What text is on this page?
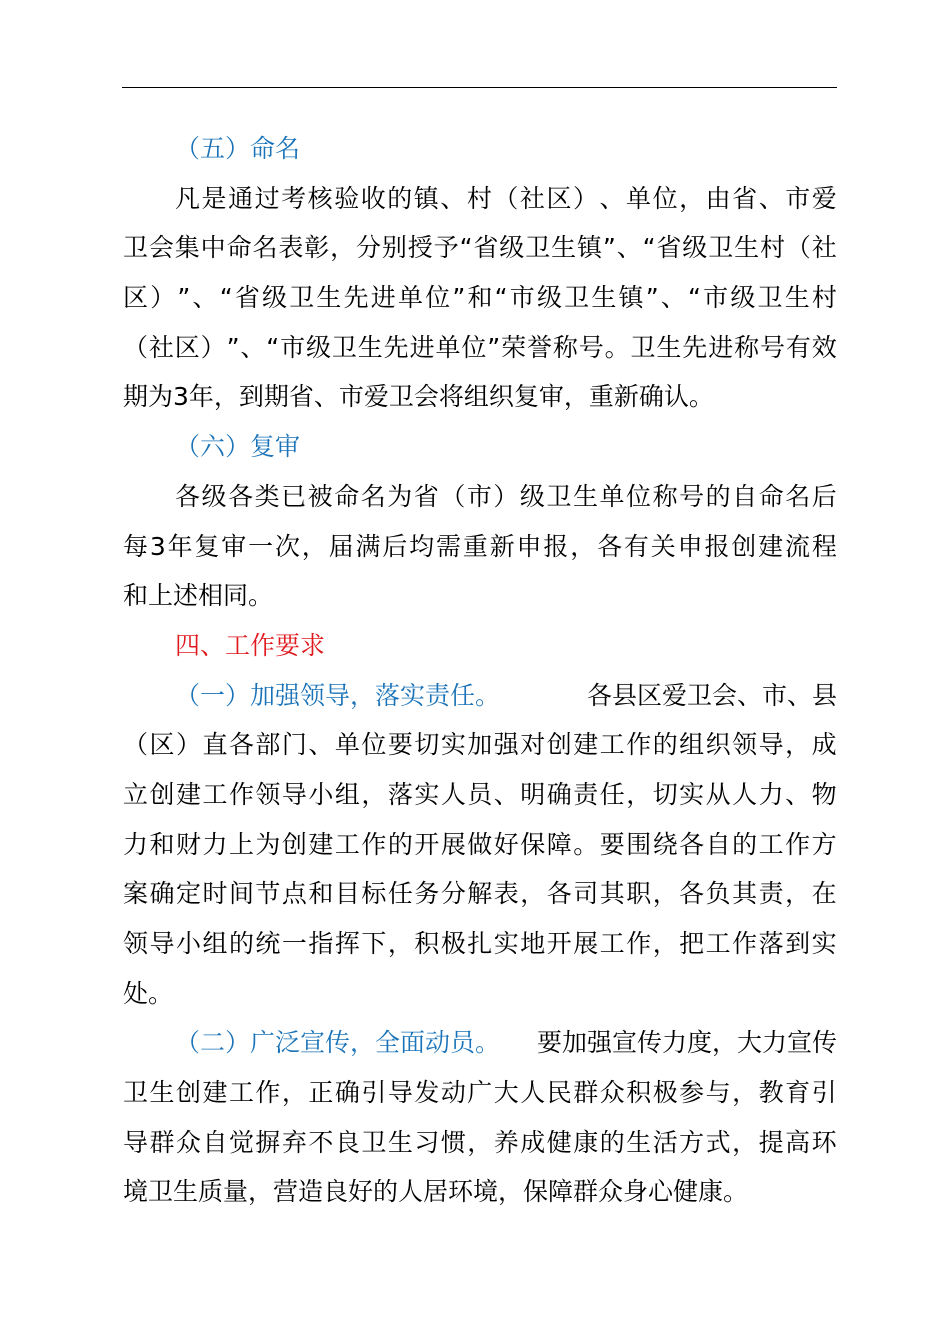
（五）命名
凡 是 通 过 考 核 验 收 的 镇 、 村 （ 社 区 ） 、 单 位 ， 由 省 、 市 爱
卫 会 集 中 命 名 表 彰 ， 分 别 授 予 “ 省 级 卫 生 镇 ” 、 “ 省 级 卫 生 村 （ 社
区 ） ” 、 “ 省 级 卫 生 先 进 单 位 ” 和 “ 市 级 卫 生 镇 ” 、 “ 市 级 卫 生 村
（ 社 区 ） ” 、 “ 市 级 卫 生 先 进 单 位 ” 荣 誉 称 号 。 卫 生 先 进 称 号 有 效
期为3年，到期省、市爱卫会将组织复审，重新确认。
（六）复审
各 级 各 类 已 被 命 名 为 省 （ 市 ） 级 卫 生 单 位 称 号 的 自 命 名 后
每 3 年 复 审 一 次 ， 届 满 后 均 需 重 新 申 报 ， 各 有 关 申 报 创 建 流 程
和上述相同。
四、工作要求
（一）加强领导，落实责任。	各县区爱卫会、市、县
（ 区 ） 直 各 部 门 、 单 位 要 切 实 加 强 对 创 建 工 作 的 组 织 领 导 ， 成
立 创 建 工 作 领 导 小 组 ， 落 实 人 员 、 明 确 责 任 ， 切 实 从 人 力 、 物
力 和 财 力 上 为 创 建 工 作 的 开 展 做 好 保 障 。 要 围 绕 各 自 的 工 作 方
案 确 定 时 间 节 点 和 目 标 任 务 分 解 表 ， 各 司 其 职 ， 各 负 其 责 ， 在
领 导 小 组 的 统 一 指 挥 下 ， 积 极 扎 实 地 开 展 工 作 ， 把 工 作 落 到 实
处。
（二）广泛宣传，全面动员。 要加强宣传力度，大力宣传
卫 生 创 建 工 作 ， 正 确 引 导 发 动 广 大 人 民 群 众 积 极 参 与 ， 教 育 引
导 群 众 自 觉 摒 弃 不 良 卫 生 习 惯 ， 养 成 健 康 的 生 活 方 式 ， 提 高 环
境卫生质量，营造良好的人居环境，保障群众身心健康。
